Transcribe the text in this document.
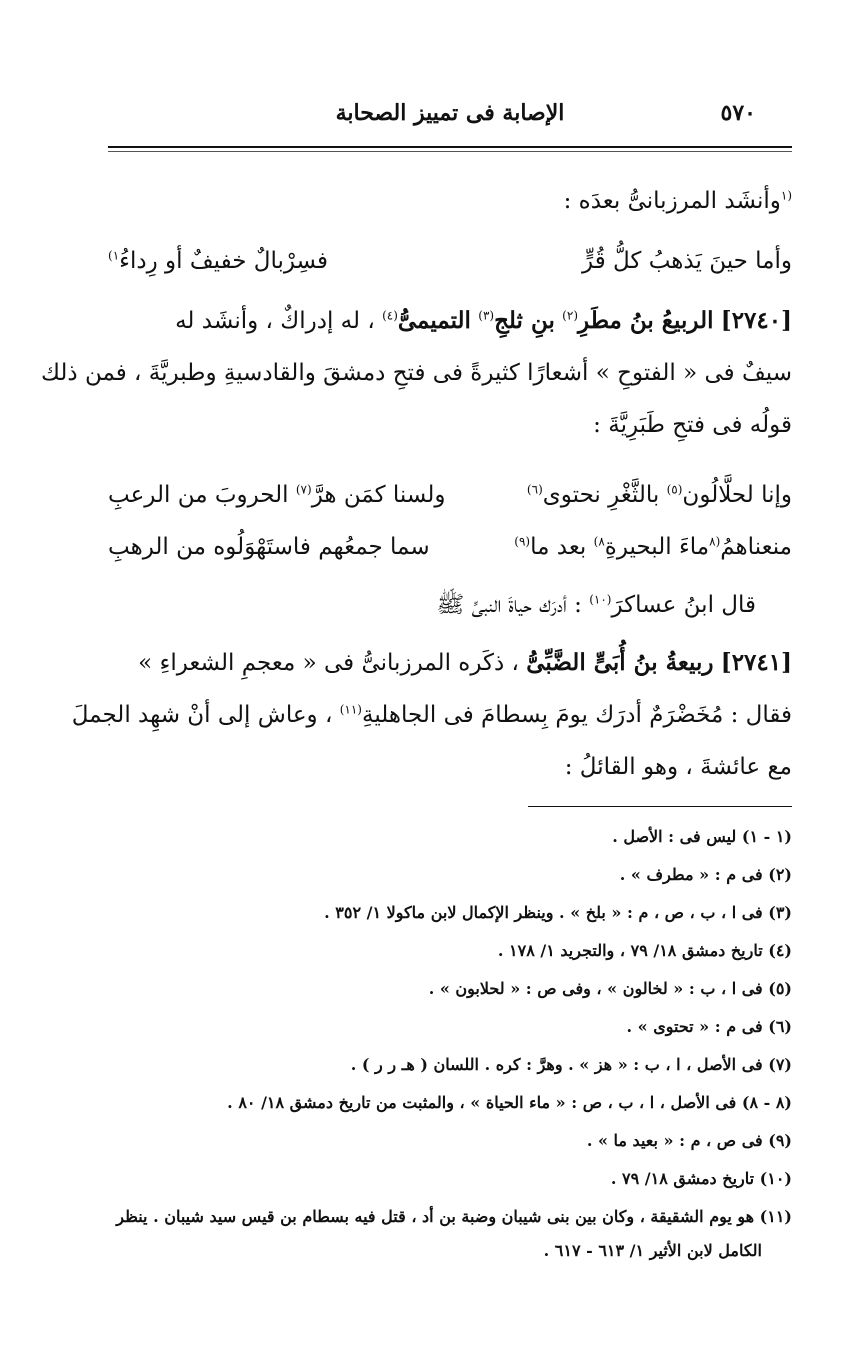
٥٧٠
الإصابة فى تمييز الصحابة
$^{(١}$وأنشَد المرزبانىُّ بعدَه :
وأما حينَ يَذهبُ كلُّ قُرٍّ
فسِرْبالٌ خفيفٌ أو رِداءُ$^{١)}$
[٢٧٤٠] الربيعُ بنُ مطَرِ$^{(٢)}$ بنِ ثلجِ$^{(٣)}$ التميمىُّ$^{(٤)}$ ، له إدراكٌ ، وأنشَد له
سيفٌ فى « الفتوحِ » أشعارًا كثيرةً فى فتحِ دمشقَ والقادسيةِ وطبريَّةَ ، فمن ذلك
قولُه فى فتحِ طَبَرِيَّةَ :
وإنا لحلَّالُون$^{(٥)}$ بالثَّغْرِ نحتوى$^{(٦)}$
ولسنا كمَن هرَّ$^{(٧)}$ الحروبَ من الرعبِ
منعناهمُ$^{(٨}$ماءَ البحيرةِ$^{٨)}$ بعد ما$^{(٩)}$
سما جمعُهم فاستَهْوَلُوه من الرهبِ
قال ابنُ عساكرَ$^{(١٠)}$ : أدرَك حياةَ النبىِّ ﷺ
[٢٧٤١] ربيعةُ بنُ أُبَىٍّ الضَّبِّىُّ ، ذكَره المرزبانىُّ فى « معجمِ الشعراءِ »
فقال : مُخَضْرَمٌ أدرَك يومَ بِسطامَ فى الجاهليةِ$^{(١١)}$ ، وعاش إلى أنْ شهِد الجملَ
مع عائشةَ ، وهو القائلُ :
(١ - ١) ليس فى : الأصل .
(٢) فى م : « مطرف » .
(٣) فى ا ، ب ، ص ، م : « بلخ » . وينظر الإكمال لابن ماكولا ١/ ٣٥٢ .
(٤) تاريخ دمشق ١٨/ ٧٩ ، والتجريد ١/ ١٧٨ .
(٥) فى ا ، ب : « لخالون » ، وفى ص : « لحلابون » .
(٦) فى م : « تحتوى » .
(٧) فى الأصل ، ا ، ب : « هز » . وهرَّ : كره . اللسان ( هـ ر ر ) .
(٨ - ٨) فى الأصل ، ا ، ب ، ص : « ماء الحياة » ، والمثبت من تاريخ دمشق ١٨/ ٨٠ .
(٩) فى ص ، م : « بعيد ما » .
(١٠) تاريخ دمشق ١٨/ ٧٩ .
(١١) هو يوم الشقيقة ، وكان بين بنى شيبان وضبة بن أد ، قتل فيه بسطام بن قيس سيد شيبان . ينظر
الكامل لابن الأثير ١/ ٦١٣ - ٦١٧ .
